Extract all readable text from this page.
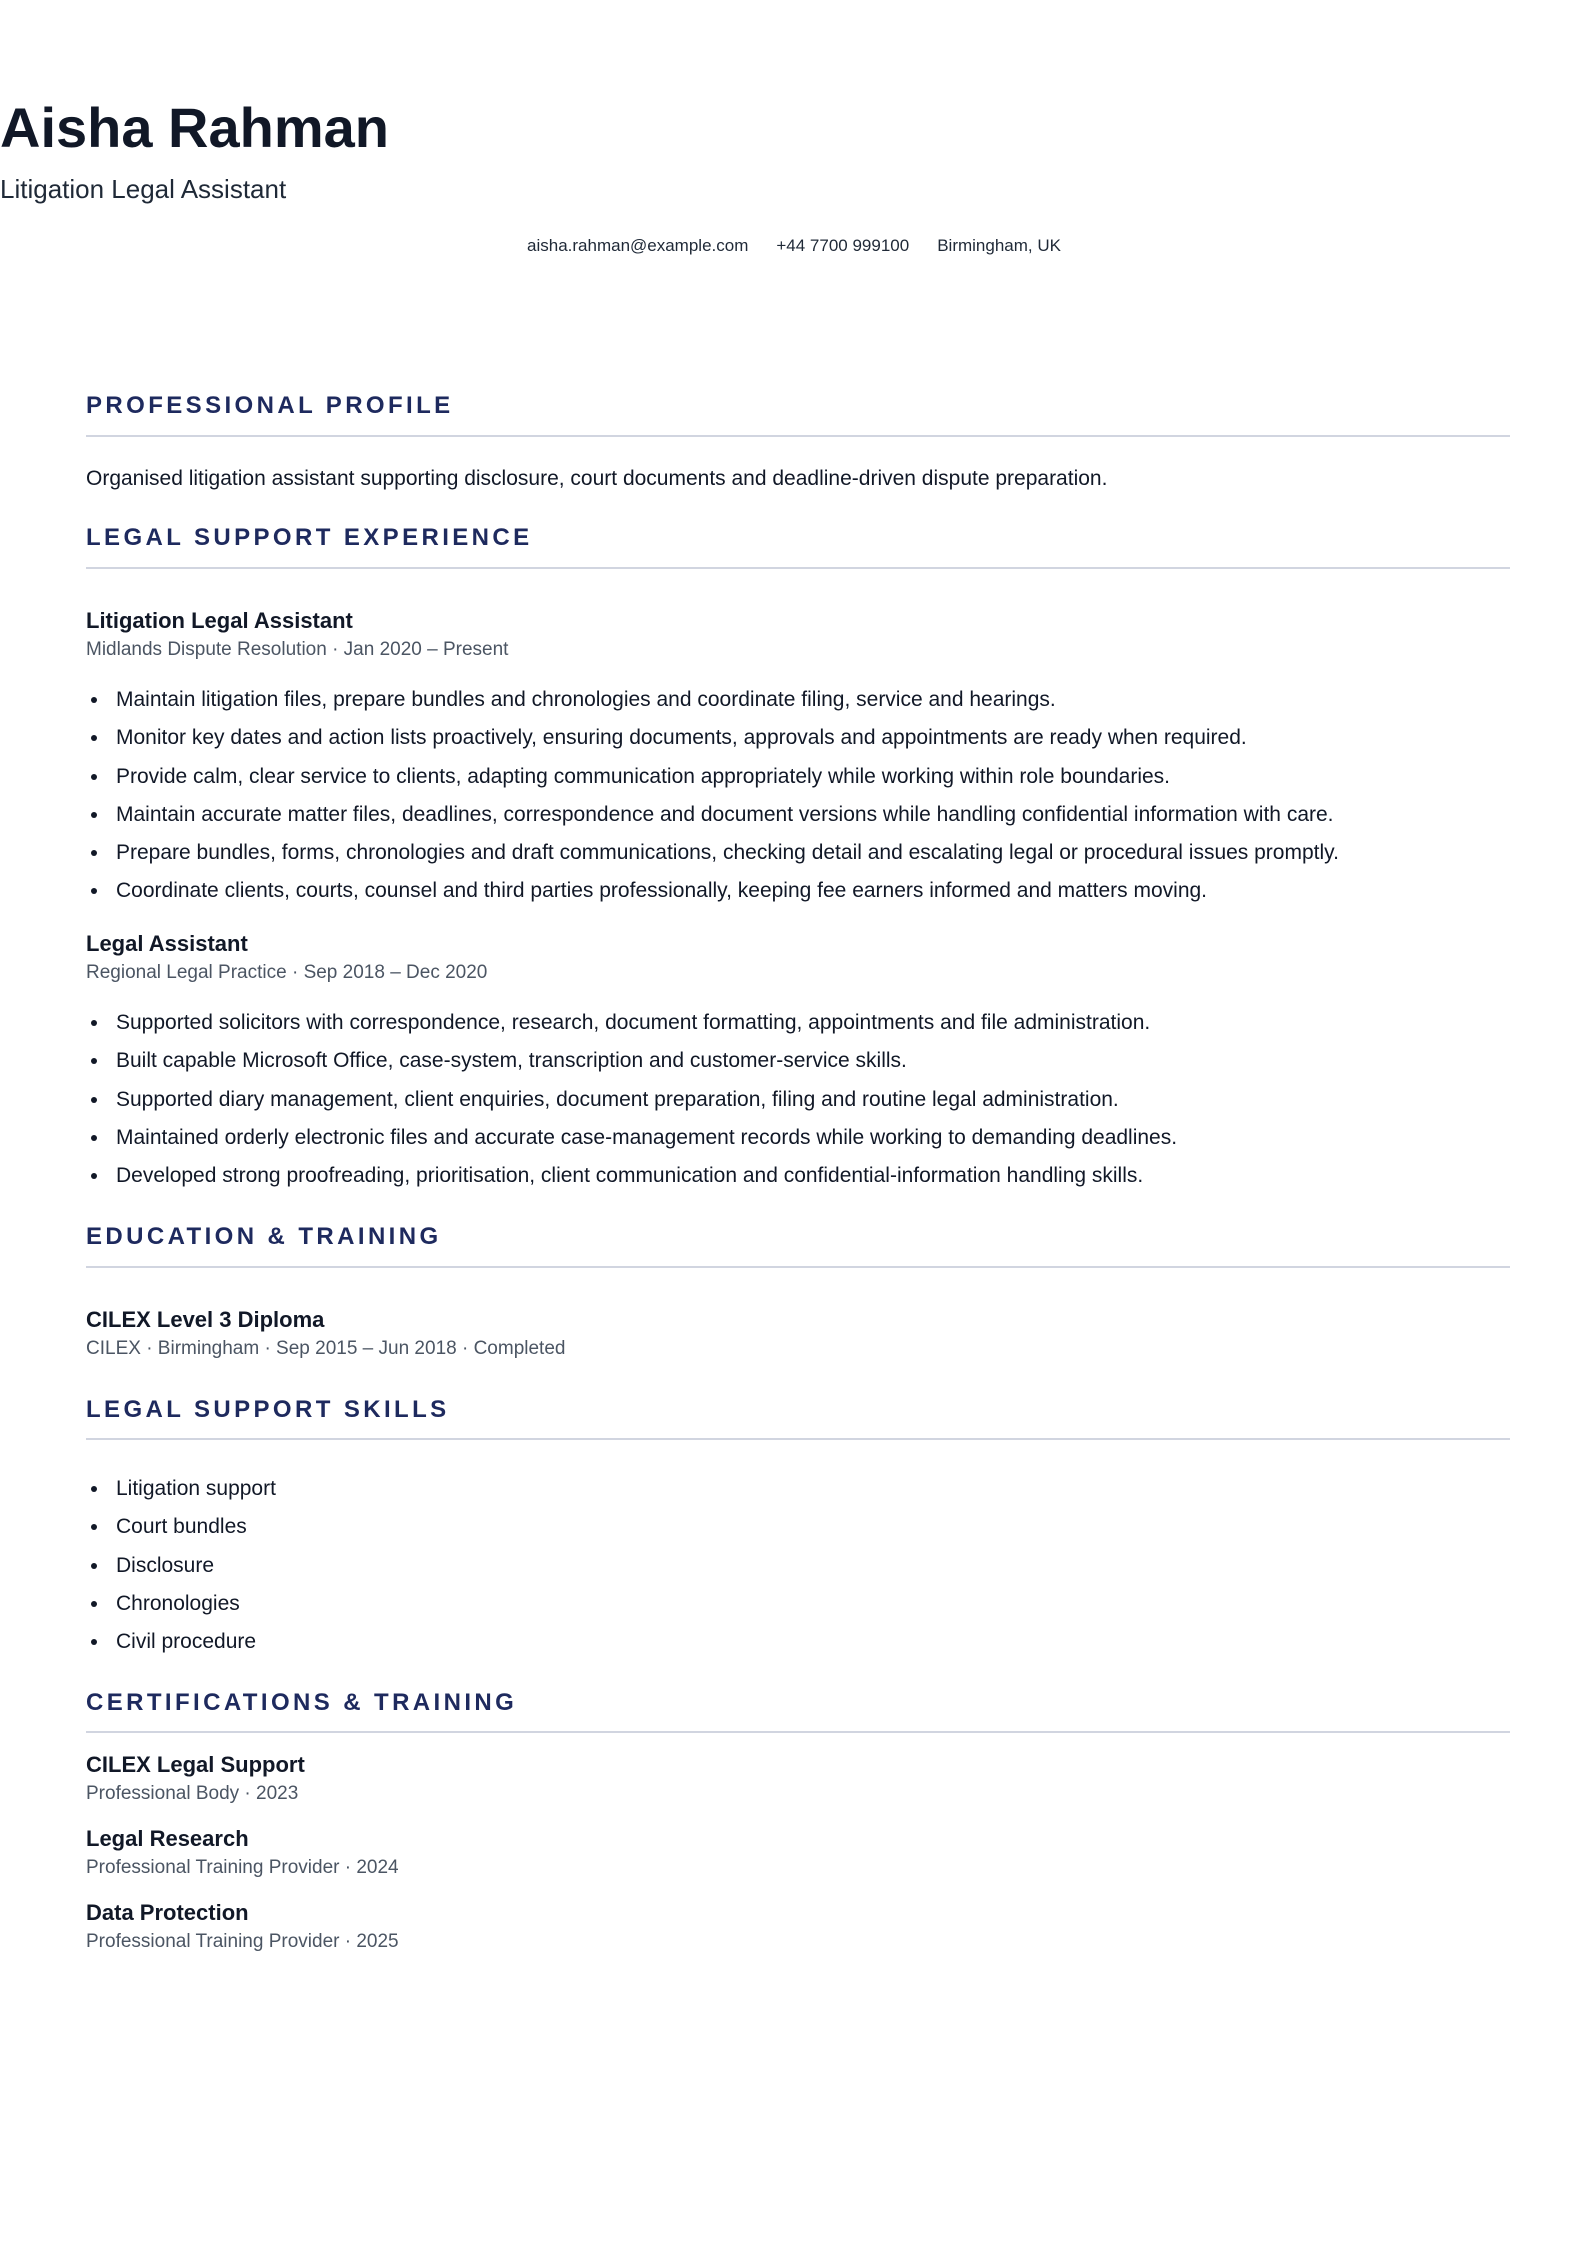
Aisha Rahman
Litigation Legal Assistant
aisha.rahman@example.com +44 7700 999100 Birmingham, UK
PROFESSIONAL PROFILE
Organised litigation assistant supporting disclosure, court documents and deadline-driven dispute preparation.
LEGAL SUPPORT EXPERIENCE
Litigation Legal Assistant
Midlands Dispute Resolution · Jan 2020 – Present
Maintain litigation files, prepare bundles and chronologies and coordinate filing, service and hearings.
Monitor key dates and action lists proactively, ensuring documents, approvals and appointments are ready when required.
Provide calm, clear service to clients, adapting communication appropriately while working within role boundaries.
Maintain accurate matter files, deadlines, correspondence and document versions while handling confidential information with care.
Prepare bundles, forms, chronologies and draft communications, checking detail and escalating legal or procedural issues promptly.
Coordinate clients, courts, counsel and third parties professionally, keeping fee earners informed and matters moving.
Legal Assistant
Regional Legal Practice · Sep 2018 – Dec 2020
Supported solicitors with correspondence, research, document formatting, appointments and file administration.
Built capable Microsoft Office, case-system, transcription and customer-service skills.
Supported diary management, client enquiries, document preparation, filing and routine legal administration.
Maintained orderly electronic files and accurate case-management records while working to demanding deadlines.
Developed strong proofreading, prioritisation, client communication and confidential-information handling skills.
EDUCATION & TRAINING
CILEX Level 3 Diploma
CILEX · Birmingham · Sep 2015 – Jun 2018 · Completed
LEGAL SUPPORT SKILLS
Litigation support
Court bundles
Disclosure
Chronologies
Civil procedure
CERTIFICATIONS & TRAINING
CILEX Legal Support
Professional Body · 2023
Legal Research
Professional Training Provider · 2024
Data Protection
Professional Training Provider · 2025
